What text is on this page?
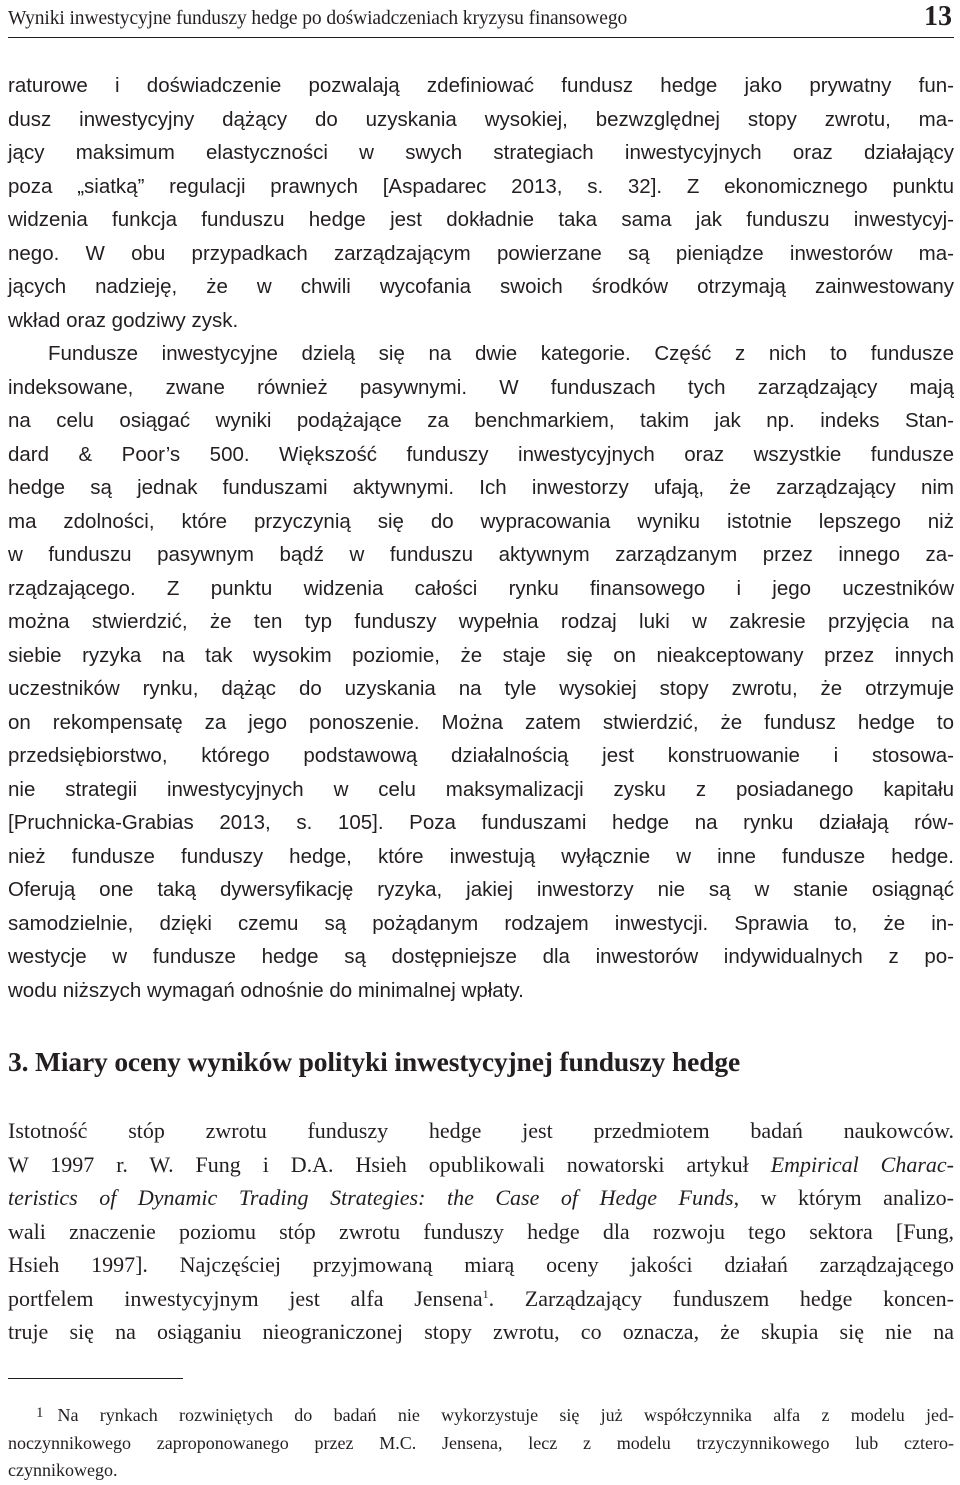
Wyniki inwestycyjne funduszy hedge po doświadczeniach kryzysu finansowego	13
raturowe i doświadczenie pozwalają zdefiniować fundusz hedge jako prywatny fun-
dusz inwestycyjny dążący do uzyskania wysokiej, bezwzględnej stopy zwrotu, ma-
jący maksimum elastyczności w swych strategiach inwestycyjnych oraz działający
poza „siatką” regulacji prawnych [Aspadarec 2013, s. 32]. Z ekonomicznego punktu
widzenia funkcja funduszu hedge jest dokładnie taka sama jak funduszu inwestycyj-
nego. W obu przypadkach zarządzającym powierzane są pieniądze inwestorów ma-
jących nadzieję, że w chwili wycofania swoich środków otrzymają zainwestowany
wkład oraz godziwy zysk.
Fundusze inwestycyjne dzielą się na dwie kategorie. Część z nich to fundusze
indeksowane, zwane również pasywnymi. W funduszach tych zarządzający mają
na celu osiągać wyniki podążające za benchmarkiem, takim jak np. indeks Stan-
dard & Poor’s 500. Większość funduszy inwestycyjnych oraz wszystkie fundusze
hedge są jednak funduszami aktywnymi. Ich inwestorzy ufają, że zarządzający nim
ma zdolności, które przyczynią się do wypracowania wyniku istotnie lepszego niż
w funduszu pasywnym bądź w funduszu aktywnym zarządzanym przez innego za-
rządzającego. Z punktu widzenia całości rynku finansowego i jego uczestników
można stwierdzić, że ten typ funduszy wypełnia rodzaj luki w zakresie przyjęcia na
siebie ryzyka na tak wysokim poziomie, że staje się on nieakceptowany przez innych
uczestników rynku, dążąc do uzyskania na tyle wysokiej stopy zwrotu, że otrzymuje
on rekompensatę za jego ponoszenie. Można zatem stwierdzić, że fundusz hedge to
przedsiębiorstwo, którego podstawową działalnością jest konstruowanie i stosowa-
nie strategii inwestycyjnych w celu maksymalizacji zysku z posiadanego kapitału
[Pruchnicka-Grabias 2013, s. 105]. Poza funduszami hedge na rynku działają rów-
nież fundusze funduszy hedge, które inwestują wyłącznie w inne fundusze hedge.
Oferują one taką dywersyfikację ryzyka, jakiej inwestorzy nie są w stanie osiągnąć
samodzielnie, dzięki czemu są pożądanym rodzajem inwestycji. Sprawia to, że in-
westycje w fundusze hedge są dostępniejsze dla inwestorów indywidualnych z po-
wodu niższych wymagań odnośnie do minimalnej wpłaty.
3. Miary oceny wyników polityki inwestycyjnej funduszy hedge
Istotność stóp zwrotu funduszy hedge jest przedmiotem badań naukowców.
W 1997 r. W. Fung i D.A. Hsieh opublikowali nowatorski artykuł Empirical Charac-
teristics of Dynamic Trading Strategies: the Case of Hedge Funds, w którym analizo-
wali znaczenie poziomu stóp zwrotu funduszy hedge dla rozwoju tego sektora [Fung,
Hsieh 1997]. Najczęściej przyjmowaną miarą oceny jakości działań zarządzającego
portfelem inwestycyjnym jest alfa Jensena$^1$. Zarządzający funduszem hedge koncen-
truje się na osiąganiu nieograniczonej stopy zwrotu, co oznacza, że skupia się nie na
$^1$ Na rynkach rozwiniętych do badań nie wykorzystuje się już współczynnika alfa z modelu jed-
noczynnikowego zaproponowanego przez M.C. Jensena, lecz z modelu trzyczynnikowego lub cztero-
czynnikowego.
